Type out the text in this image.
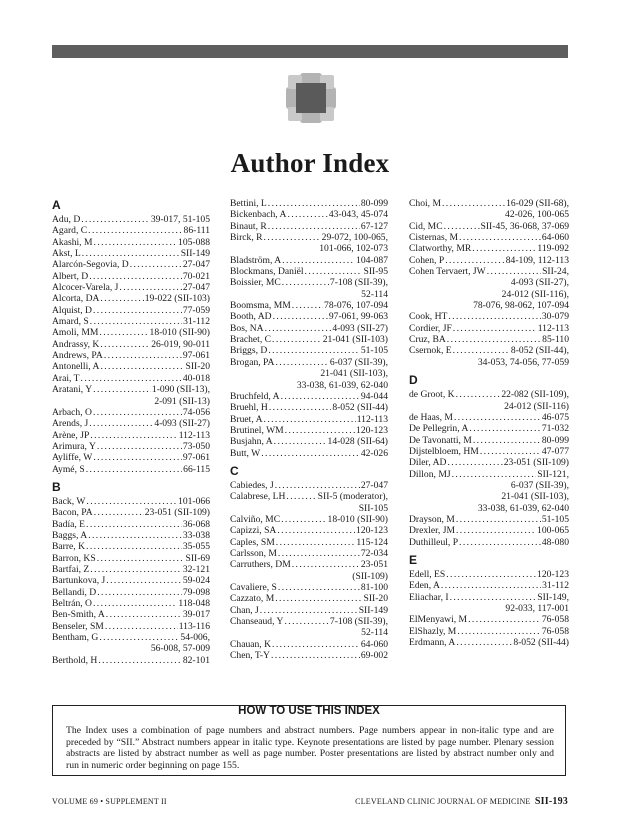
Author Index
A
Adu, D . . .	39-017, 51-105
Agard, C . . .	86-111
Akashi, M . . .	105-088
Akst, L . . .	SII-149
Alarcón-Segovia, D . . .	27-047
Albert, D . . .	70-021
Alcocer-Varela, J . . .	27-047
Alcorta, DA . . .	19-022 (SII-103)
Alquist, D . . .	77-059
Amard, S . . .	31-112
Amoli, MM . . .	18-010 (SII-90)
Andrassy, K . . .	26-019, 90-011
Andrews, PA . . .	97-061
Antonelli, A . . .	SII-20
Arai, T . . .	40-018
Aratani, Y . . .	1-090 (SII-13),
2-091 (SII-13)
Arbach, O . . .	74-056
Arends, J . . .	4-093 (SII-27)
Arène, JP . . .	112-113
Arimura, Y . . .	73-050
Ayliffe, W . . .	97-061
Aymé, S . . .	66-115
B
Back, W . . .	101-066
Bacon, PA . . .	23-051 (SII-109)
Badía, E . . .	36-068
Baggs, A . . .	33-038
Barre, K . . .	35-055
Barron, KS . . .	SII-69
Bartfai, Z . . .	32-121
Bartunkova, J . . .	59-024
Bellandi, D . . .	79-098
Beltrán, O . . .	118-048
Ben-Smith, A . . .	39-017
Benseler, SM . . .	113-116
Bentham, G . . .	54-006,
56-008, 57-009
Berthold, H . . .	82-101
Bettini, L . . .	80-099
Bickenbach, A . . .	43-043, 45-074
Binaut, R . . .	67-127
Birck, R . . .	29-072, 100-065,
101-066, 102-073
Bladström, A . . .	104-087
Blockmans, Daniël . . .	SII-95
Boissier, MC . . .	7-108 (SII-39),
52-114
Boomsma, MM . . .	78-076, 107-094
Booth, AD . . .	97-061, 99-063
Bos, NA . . .	4-093 (SII-27)
Brachet, C . . .	21-041 (SII-103)
Briggs, D . . .	51-105
Brogan, PA . . .	6-037 (SII-39),
21-041 (SII-103),
33-038, 61-039, 62-040
Bruchfeld, A . . .	94-044
Bruehl, H . . .	8-052 (SII-44)
Bruet, A . . .	112-113
Brutinel, WM . . .	120-123
Busjahn, A . . .	14-028 (SII-64)
Butt, W . . .	42-026
C
Cabiedes, J . . .	27-047
Calabrese, LH . . .	SII-5 (moderator),
SII-105
Calviño, MC . . .	18-010 (SII-90)
Capizzi, SA . . .	120-123
Caples, SM . . .	115-124
Carlsson, M . . .	72-034
Carruthers, DM . . .	23-051
(SII-109)
Cavaliere, S . . .	81-100
Cazzato, M . . .	SII-20
Chan, J . . .	SII-149
Chanseaud, Y . . .	7-108 (SII-39),
52-114
Chauan, K . . .	64-060
Chen, T-Y . . .	69-002
Choi, M . . .	16-029 (SII-68),
42-026, 100-065
Cid, MC . . .	SII-45, 36-068, 37-069
Cisternas, M . . .	64-060
Clatworthy, MR . . .	119-092
Cohen, P . . .	84-109, 112-113
Cohen Tervaert, JW . . .	SII-24,
4-093 (SII-27),
24-012 (SII-116),
78-076, 98-062, 107-094
Cook, HT . . .	30-079
Cordier, JF . . .	112-113
Cruz, BA . . .	85-110
Csernok, E . . .	8-052 (SII-44),
34-053, 74-056, 77-059
D
de Groot, K . . .	22-082 (SII-109),
24-012 (SII-116)
de Haas, M . . .	46-075
De Pellegrin, A . . .	71-032
De Tavonatti, M . . .	80-099
Dijstelbloem, HM . . .	47-077
Diler, AD . . .	23-051 (SII-109)
Dillon, MJ . . .	SII-121,
6-037 (SII-39),
21-041 (SII-103),
33-038, 61-039, 62-040
Drayson, M . . .	51-105
Drexler, JM . . .	100-065
Duthilleul, P . . .	48-080
E
Edell, ES . . .	120-123
Eden, A . . .	31-112
Eliachar, I . . .	SII-149,
92-033, 117-001
ElMenyawi, M . . .	76-058
ElShazly, M . . .	76-058
Erdmann, A . . .	8-052 (SII-44)
HOW TO USE THIS INDEX
The Index uses a combination of page numbers and abstract numbers. Page numbers appear in non-italic type and are preceded by “SII.” Abstract numbers appear in italic type. Keynote presentations are listed by page number. Plenary session abstracts are listed by abstract number as well as page number. Poster presentations are listed by abstract number only and run in numeric order beginning on page 155.
VOLUME 69 • SUPPLEMENT II	CLEVELAND CLINIC JOURNAL OF MEDICINE SII-193
